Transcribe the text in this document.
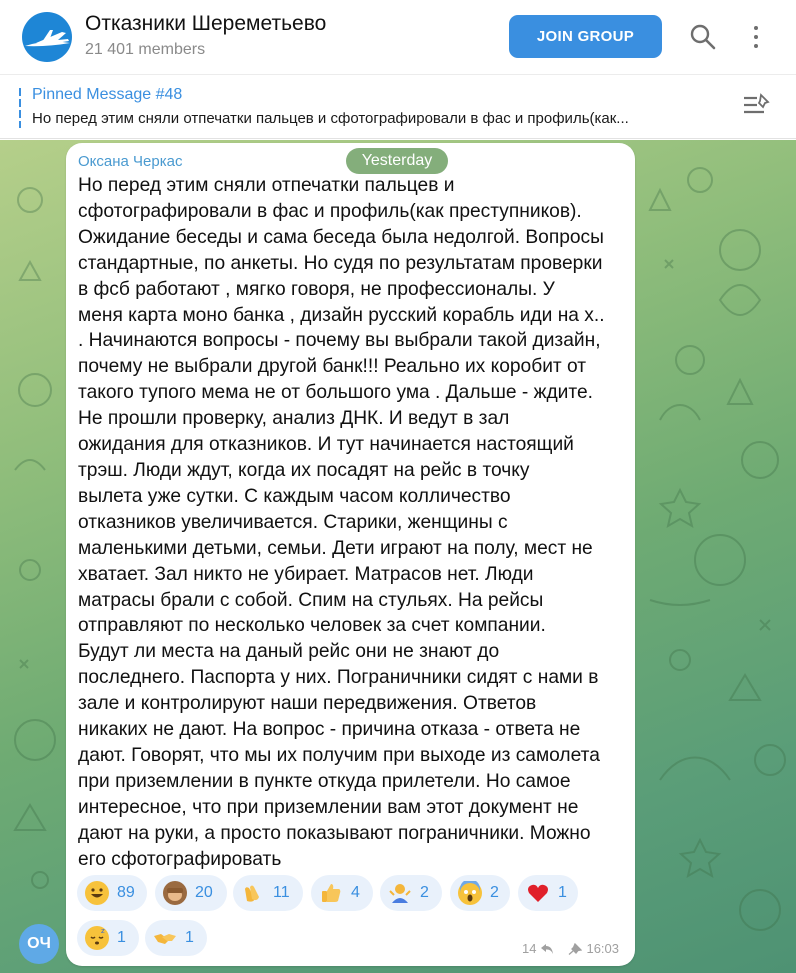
Отказники Шереметьево
21 401 members
JOIN GROUP
Pinned Message #48
Но перед этим сняли отпечатки пальцев и сфотографировали в фас и профиль(как...
Оксана Черкас	Yesterday
Но перед этим сняли отпечатки пальцев и
сфотографировали в фас и профиль(как преступников).
Ожидание беседы и сама беседа была недолгой. Вопросы
стандартные, по анкеты. Но судя по результатам проверки
в фсб работают , мягко говоря, не профессионалы. У
меня карта моно банка , дизайн русский корабль иди на х..
. Начинаются вопросы - почему вы выбрали такой дизайн,
почему не выбрали другой банк!!! Реально их коробит от
такого тупого мема не от большого ума . Дальше - ждите.
Не прошли проверку, анализ ДНК. И ведут в зал
ожидания для отказников. И тут начинается настоящий
трэш. Люди ждут, когда их посадят на рейс в точку
вылета уже сутки. С каждым часом колличество
отказников увеличивается. Старики, женщины с
маленькими детьми, семьи. Дети играют на полу, мест не
хватает. Зал никто не убирает. Матрасов нет. Люди
матрасы брали с собой. Спим на стульях. На рейсы
отправляют по несколько человек за счет компании.
Будут ли места на даный рейс они не знают до
последнего. Паспорта у них. Пограничники сидят с нами в
зале и контролируют наши передвижения. Ответов
никаких не дают. На вопрос - причина отказа - ответа не
дают. Говорят, что мы их получим при выходе из самолета
при приземлении в пункте откуда прилетели. Но самое
интересное, что при приземлении вам этот документ не
дают на руки, а просто показывают пограничники. Можно
его сфотографировать
89	20	11	4	2	2	1
z 1	1
14	16:03
ОЧ
